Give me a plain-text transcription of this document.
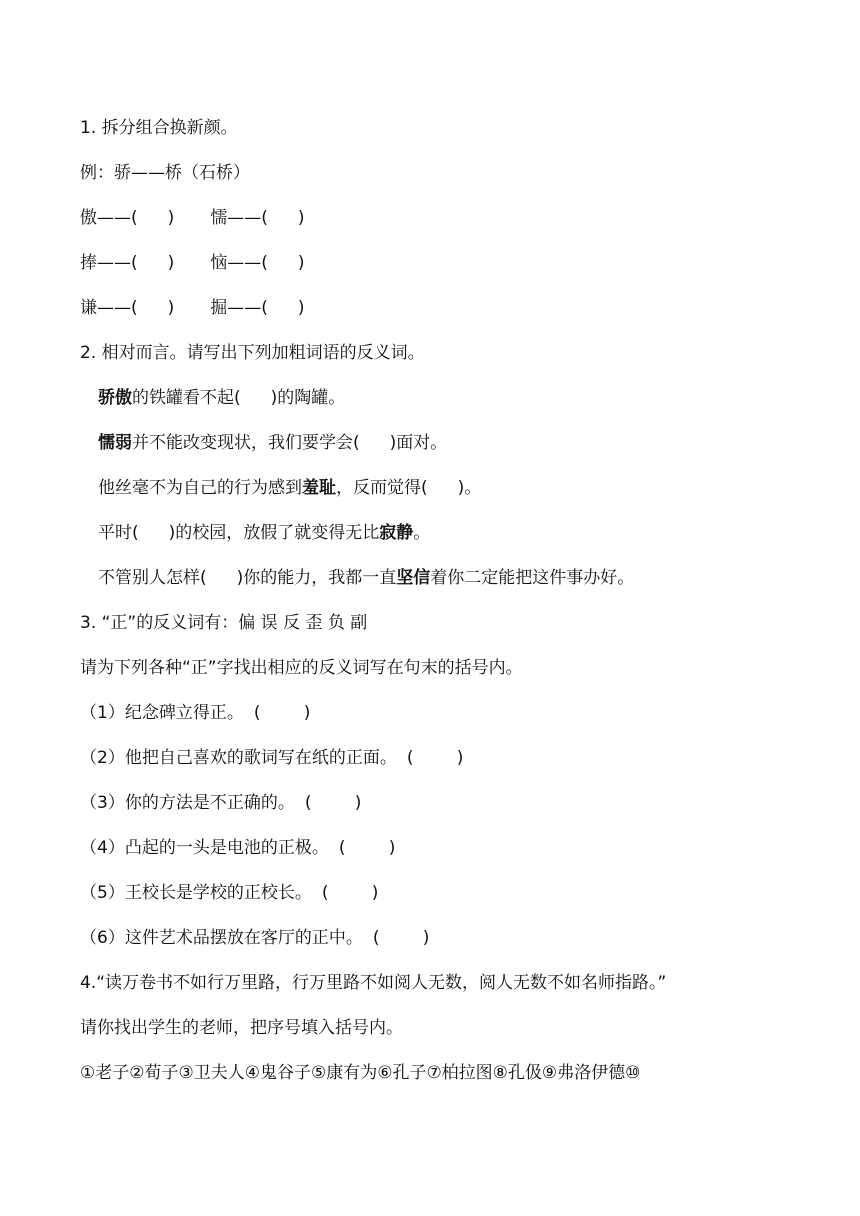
1. 拆分组合换新颜。
例：骄——桥（石桥）
傲——( ) 懦——( )
捧——( ) 恼——( )
谦——( ) 掘——( )
2. 相对而言。请写出下列加粗词语的反义词。
骄傲的铁罐看不起( )的陶罐。
懦弱并不能改变现状，我们要学会( )面对。
他丝毫不为自己的行为感到羞耻，反而觉得( )。
平时( )的校园，放假了就变得无比寂静。
不管别人怎样( )你的能力，我都一直坚信着你二定能把这件事办好。
3. “正”的反义词有：偏 误 反 歪 负 副
请为下列各种“正”字找出相应的反义词写在句末的括号内。
（1）纪念碑立得正。 (        )
（2）他把自己喜欢的歌词写在纸的正面。 (        )
（3）你的方法是不正确的。 (        )
（4）凸起的一头是电池的正极。 (        )
（5）王校长是学校的正校长。 (        )
（6）这件艺术品摆放在客厅的正中。 (        )
4.“读万卷书不如行万里路，行万里路不如阅人无数，阅人无数不如名师指路。”
请你找出学生的老师，把序号填入括号内。
①老子②荀子③卫夫人④鬼谷子⑤康有为⑥孔子⑦柏拉图⑧孔伋⑨弗洛伊德⑩
